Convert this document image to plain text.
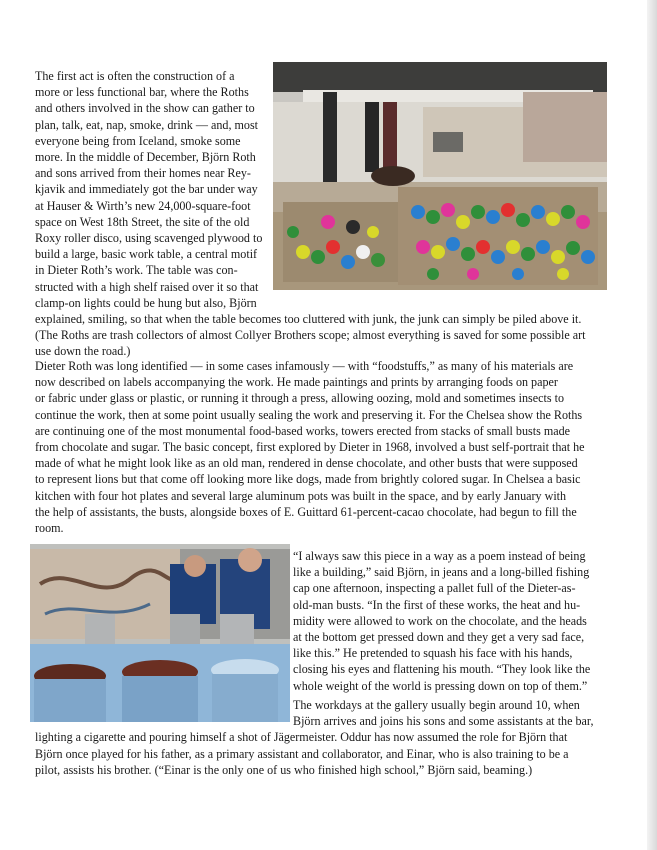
The first act is often the construction of a
more or less functional bar, where the Roths
and others involved in the show can gather to
plan, talk, eat, nap, smoke, drink — and, most
everyone being from Iceland, smoke some
more. In the middle of December, Björn Roth
and sons arrived from their homes near Rey-
kjavik and immediately got the bar under way
at Hauser & Wirth’s new 24,000-square-foot
space on West 18th Street, the site of the old
Roxy roller disco, using scavenged plywood to
build a large, basic work table, a central motif
in Dieter Roth’s work. The table was con-
structed with a high shelf raised over it so that
clamp-on lights could be hung but also, Björn
explained, smiling, so that when the table becomes too cluttered with junk, the junk can simply be piled above it.
(The Roths are trash collectors of almost Collyer Brothers scope; almost everything is saved for some possible art
use down the road.)
Dieter Roth was long identified — in some cases infamously — with “foodstuffs,” as many of his materials are
now described on labels accompanying the work. He made paintings and prints by arranging foods on paper
or fabric under glass or plastic, or running it through a press, allowing oozing, mold and sometimes insects to
continue the work, then at some point usually sealing the work and preserving it. For the Chelsea show the Roths
are continuing one of the most monumental food-based works, towers erected from stacks of small busts made
from chocolate and sugar. The basic concept, first explored by Dieter in 1968, involved a bust self-portrait that he
made of what he might look like as an old man, rendered in dense chocolate, and other busts that were supposed
to represent lions but that come off looking more like dogs, made from brightly colored sugar. In Chelsea a basic
kitchen with four hot plates and several large aluminum pots was built in the space, and by early January with
the help of assistants, the busts, alongside boxes of E. Guittard 61-percent-cacao chocolate, had begun to fill the
room.
“I always saw this piece in a way as a poem instead of being
like a building,” said Björn, in jeans and a long-billed fishing
cap one afternoon, inspecting a pallet full of the Dieter-as-
old-man busts. “In the first of these works, the heat and hu-
midity were allowed to work on the chocolate, and the heads
at the bottom get pressed down and they get a very sad face,
like this.” He pretended to squash his face with his hands,
closing his eyes and flattening his mouth. “They look like the
whole weight of the world is pressing down on top of them.”
The workdays at the gallery usually begin around 10, when
Björn arrives and joins his sons and some assistants at the bar,
lighting a cigarette and pouring himself a shot of Jägermeister. Oddur has now assumed the role for Björn that
Björn once played for his father, as a primary assistant and collaborator, and Einar, who is also training to be a
pilot, assists his brother. (“Einar is the only one of us who finished high school,” Björn said, beaming.)
